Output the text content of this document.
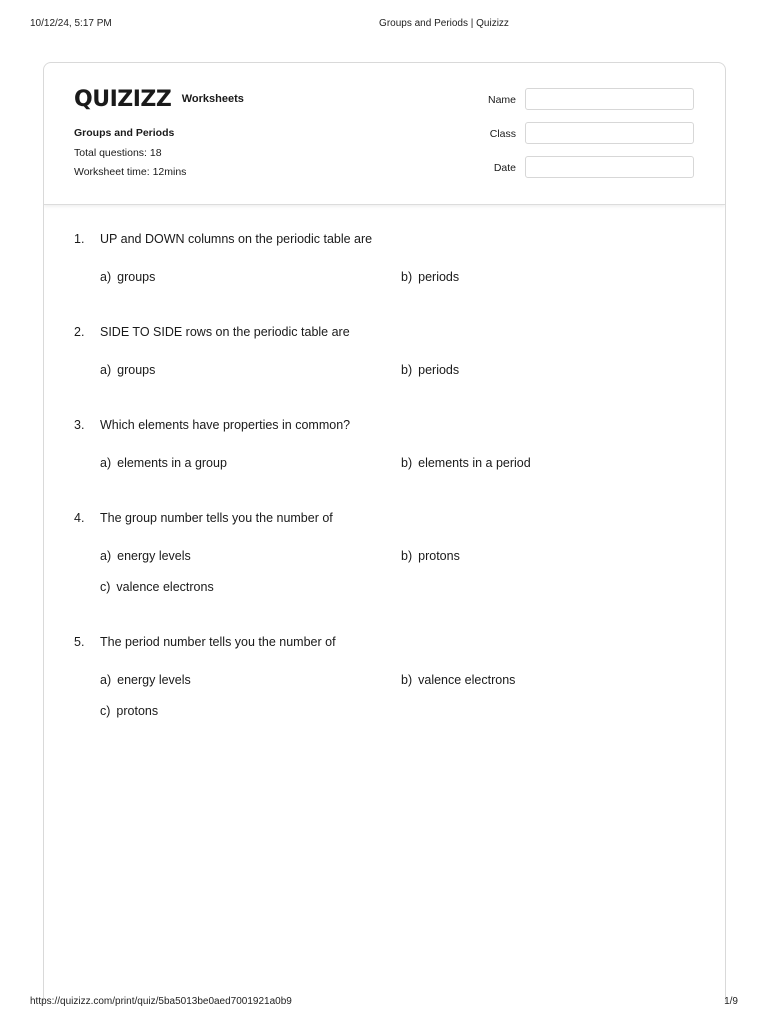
10/12/24, 5:17 PM	Groups and Periods | Quizizz
QUIZIZZ Worksheets
Groups and Periods
Total questions: 18
Worksheet time: 12mins
Name
Class
Date
1. UP and DOWN columns on the periodic table are
a) groups	b) periods
2. SIDE TO SIDE rows on the periodic table are
a) groups	b) periods
3. Which elements have properties in common?
a) elements in a group	b) elements in a period
4. The group number tells you the number of
a) energy levels	b) protons
c) valence electrons
5. The period number tells you the number of
a) energy levels	b) valence electrons
c) protons
https://quizizz.com/print/quiz/5ba5013be0aed7001921a0b9	1/9
